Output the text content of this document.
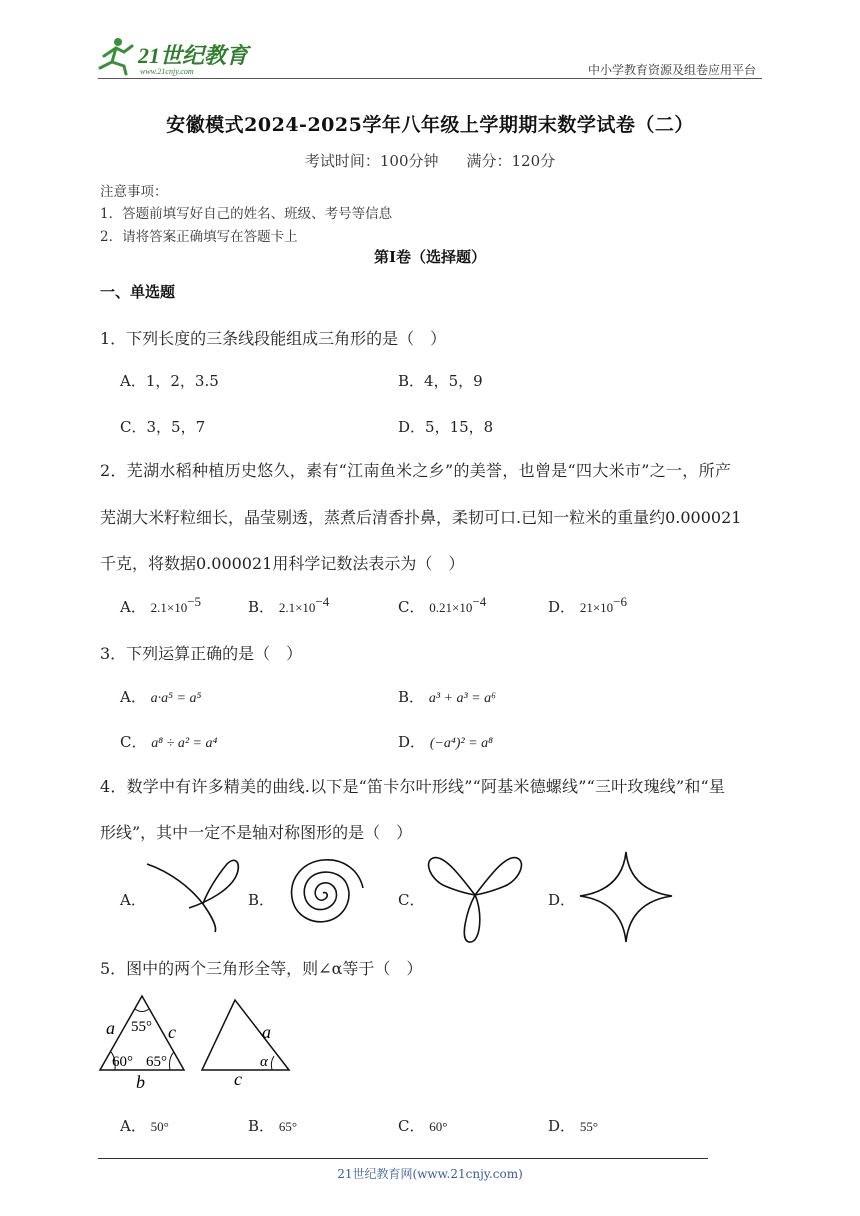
21世纪教育
www.21cnjy.com	中小学教育资源及组卷应用平台
安徽模式2024-2025学年八年级上学期期末数学试卷（二）
考试时间：100分钟 满分：120分
注意事项：
1．答题前填写好自己的姓名、班级、考号等信息
2．请将答案正确填写在答题卡上
第I卷（选择题）
一、单选题
1．下列长度的三条线段能组成三角形的是（　）
A．1，2，3.5	B．4，5，9
C．3，5，7	D．5，15，8
2．芜湖水稻种植历史悠久，素有“江南鱼米之乡”的美誉，也曾是“四大米市”之一，所产
芜湖大米籽粒细长，晶莹剔透，蒸煮后清香扑鼻，柔韧可口.已知一粒米的重量约0.000021
千克，将数据0.000021用科学记数法表示为（　）
A． $2.1\times 10^{-5}$	B． $2.1\times 10^{-4}$	C． $0.21\times 10^{-4}$	D． $21\times 10^{-6}$
3．下列运算正确的是（　）
A． a·a⁵ = a⁵	B． a³ + a³ = a⁶
C． a⁸ ÷ a² = a⁴	D． (−a⁴)² = a⁸
4．数学中有许多精美的曲线.以下是“笛卡尔叶形线”“阿基米德螺线”“三叶玫瑰线”和“星
形线”，其中一定不是轴对称图形的是（　）
A．	B．	C．	D．
5．图中的两个三角形全等，则∠α等于（　）
a	c
b
55°
60° 65°
a
c
α
A． 50°	B． 65°	C． 60°	D． 55°
21世纪教育网(www.21cnjy.com)
